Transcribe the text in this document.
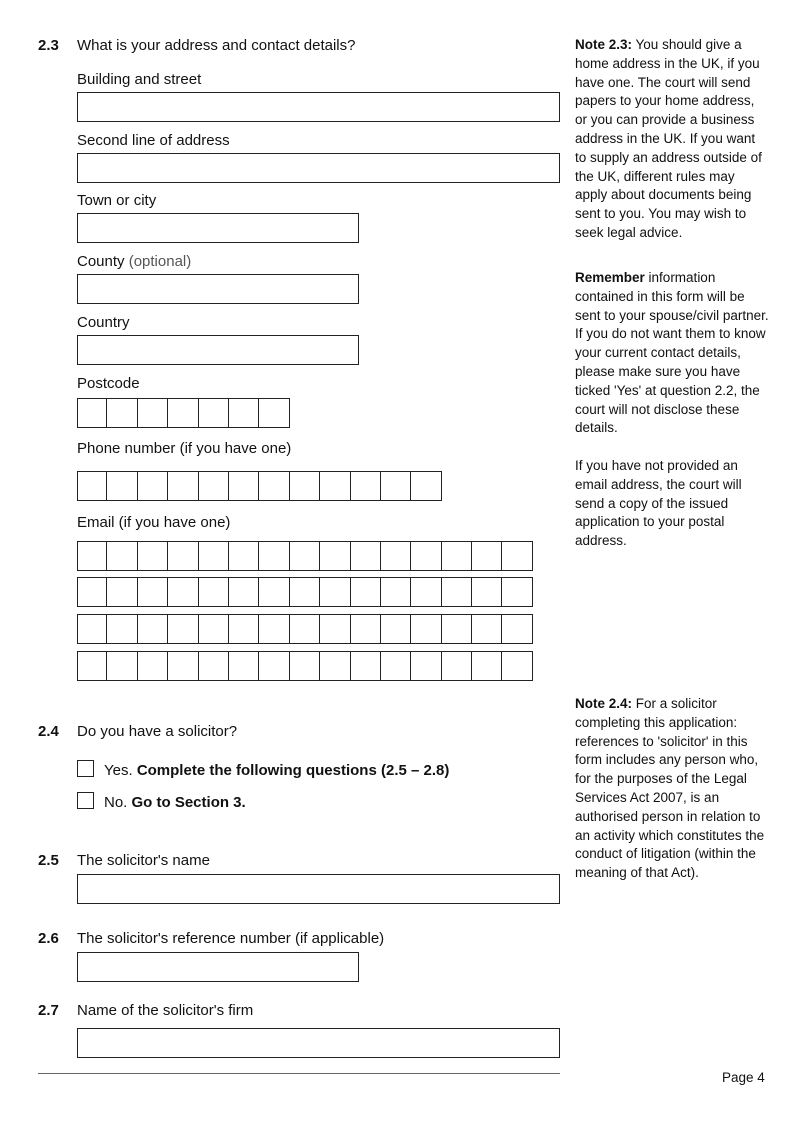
2.3 What is your address and contact details?
Building and street
Second line of address
Town or city
County (optional)
Country
Postcode
Phone number (if you have one)
Email (if you have one)
Note 2.3: You should give a home address in the UK, if you have one. The court will send papers to your home address, or you can provide a business address in the UK. If you want to supply an address outside of the UK, different rules may apply about documents being sent to you. You may wish to seek legal advice.
Remember information contained in this form will be sent to your spouse/civil partner. If you do not want them to know your current contact details, please make sure you have ticked 'Yes' at question 2.2, the court will not disclose these details.
If you have not provided an email address, the court will send a copy of the issued application to your postal address.
2.4 Do you have a solicitor?
Yes. Complete the following questions (2.5 – 2.8)
No. Go to Section 3.
Note 2.4: For a solicitor completing this application: references to 'solicitor' in this form includes any person who, for the purposes of the Legal Services Act 2007, is an authorised person in relation to an activity which constitutes the conduct of litigation (within the meaning of that Act).
2.5 The solicitor's name
2.6 The solicitor's reference number (if applicable)
2.7 Name of the solicitor's firm
Page 4
